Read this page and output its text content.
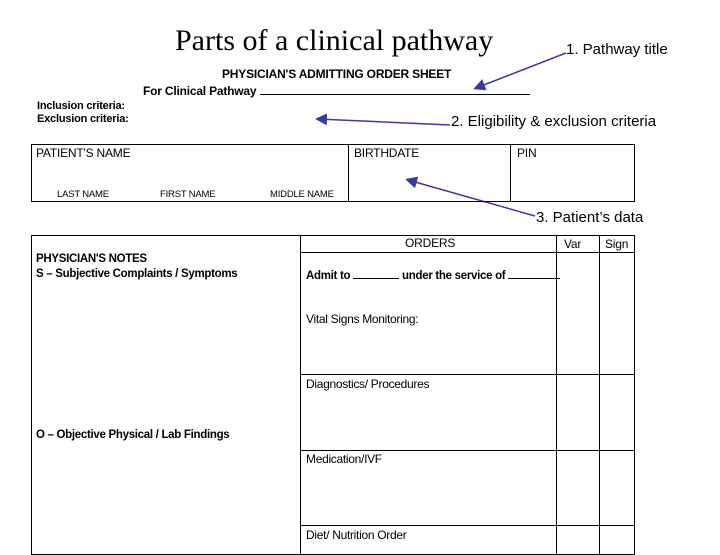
Parts of a clinical pathway	1. Pathway title
2. Eligibility & exclusion criteria
3. Patient’s data
PHYSICIAN'S ADMITTING ORDER SHEET
For Clinical Pathway
Inclusion criteria:
Exclusion criteria:
PATIENT'S NAME	BIRTHDATE	PIN
LAST NAME	FIRST NAME	MIDDLE NAME
ORDERS	Var Sign
PHYSICIAN'S NOTES
S – Subjective Complaints / Symptoms
O – Objective Physical / Lab Findings
Admit to	under the service of
Vital Signs Monitoring:
Diagnostics/ Procedures
Medication/IVF
Diet/ Nutrition Order
